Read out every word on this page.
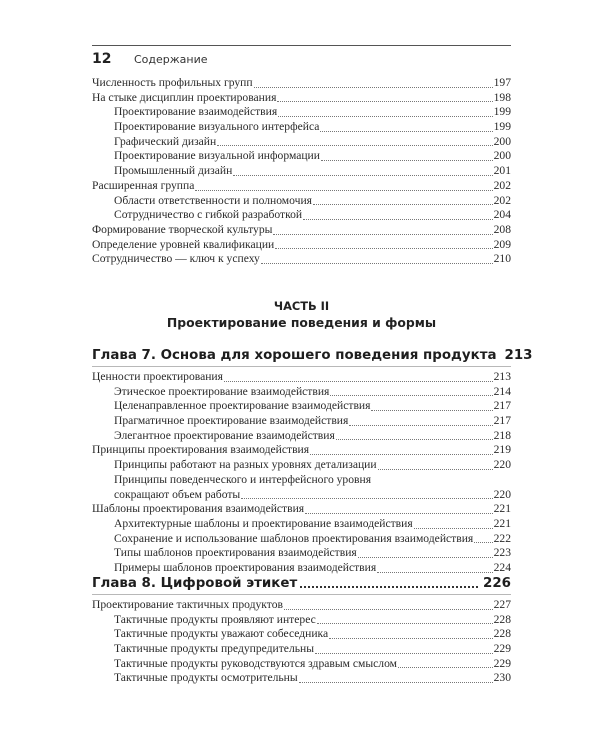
12	Содержание
Численность профильных групп	197
На стыке дисциплин проектирования	198
Проектирование взаимодействия	199
Проектирование визуального интерфейса	199
Графический дизайн	200
Проектирование визуальной информации	200
Промышленный дизайн	201
Расширенная группа	202
Области ответственности и полномочия	202
Сотрудничество с гибкой разработкой	204
Формирование творческой культуры	208
Определение уровней квалификации	209
Сотрудничество — ключ к успеху	210
ЧАСТЬ II
Проектирование поведения и формы
Глава 7. Основа для хорошего поведения продукта 213
Ценности проектирования	213
Этическое проектирование взаимодействия	214
Целенаправленное проектирование взаимодействия	217
Прагматичное проектирование взаимодействия	217
Элегантное проектирование взаимодействия	218
Принципы проектирования взаимодействия	219
Принципы работают на разных уровнях детализации	220
Принципы поведенческого и интерфейсного уровня
сокращают объем работы	220
Шаблоны проектирования взаимодействия	221
Архитектурные шаблоны и проектирование взаимодействия	221
Сохранение и использование шаблонов проектирования взаимодействия 222
Типы шаблонов проектирования взаимодействия	223
Примеры шаблонов проектирования взаимодействия	224
Глава 8. Цифровой этикет	226
Проектирование тактичных продуктов	227
Тактичные продукты проявляют интерес	228
Тактичные продукты уважают собеседника	228
Тактичные продукты предупредительны	229
Тактичные продукты руководствуются здравым смыслом	229
Тактичные продукты осмотрительны	230
